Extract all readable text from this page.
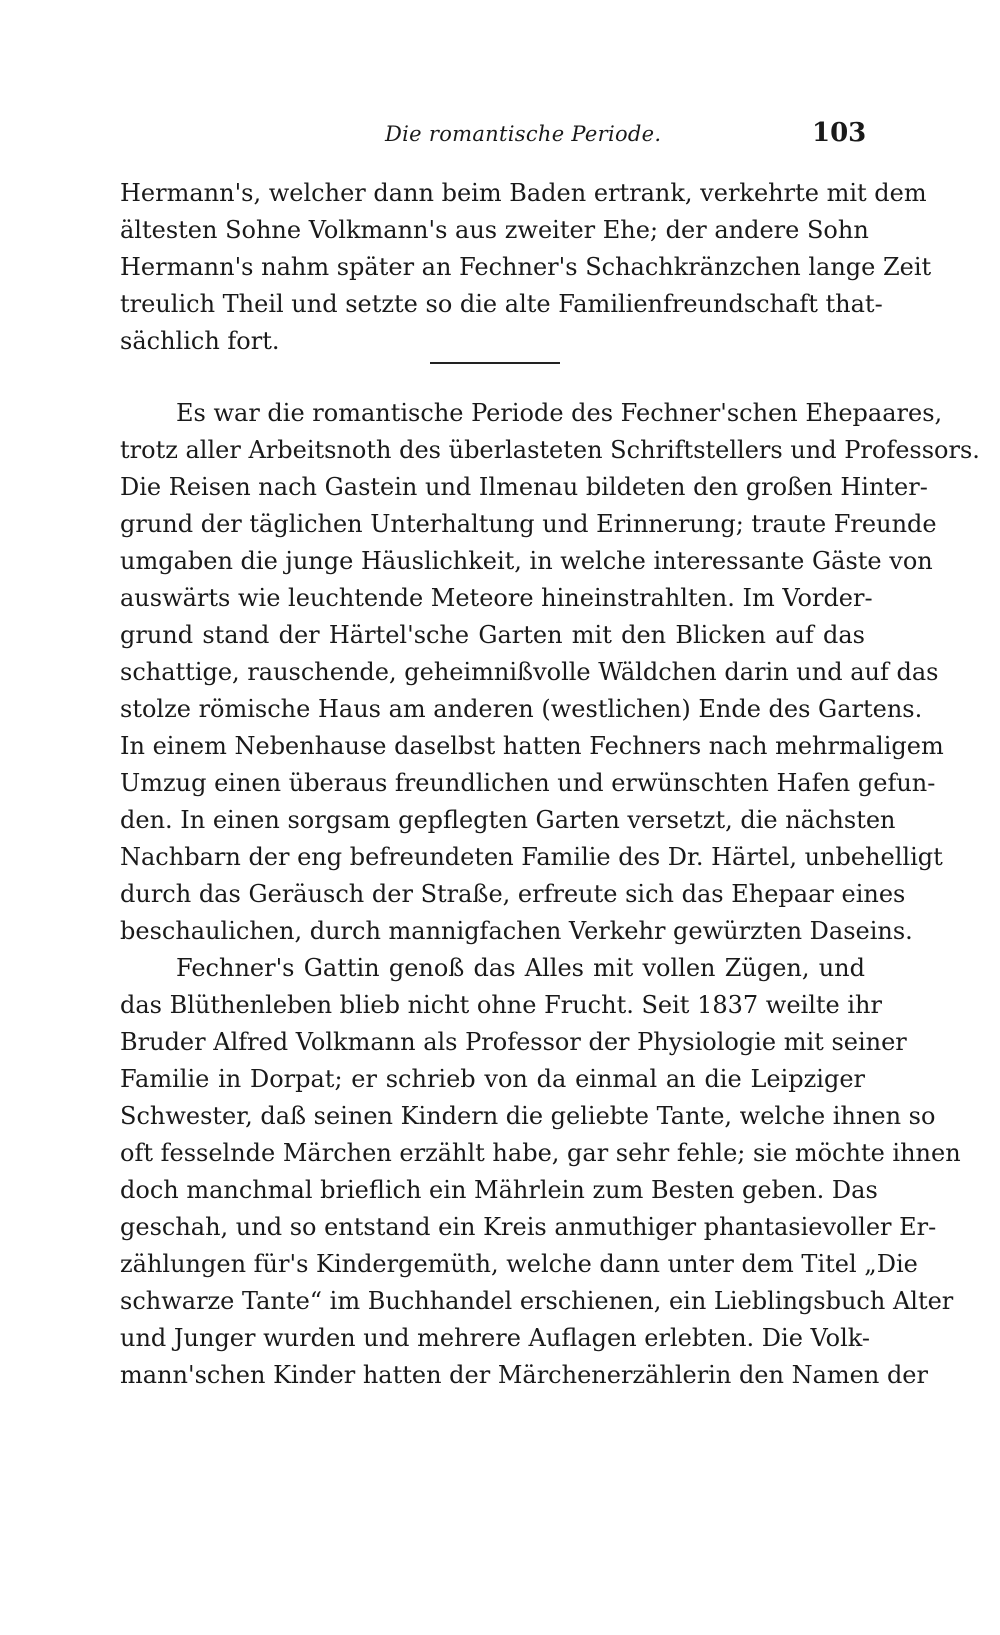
Die romantische Periode.	103
Hermann's, welcher dann beim Baden ertrank, verkehrte mit dem
ältesten Sohne Volkmann's aus zweiter Ehe; der andere Sohn
Hermann's nahm später an Fechner's Schachkränzchen lange Zeit
treulich Theil und setzte so die alte Familienfreundschaft that-
sächlich fort.
Es war die romantische Periode des Fechner'schen Ehepaares,
trotz aller Arbeitsnoth des überlasteten Schriftstellers und Professors.
Die Reisen nach Gastein und Ilmenau bildeten den großen Hinter-
grund der täglichen Unterhaltung und Erinnerung; traute Freunde
umgaben die junge Häuslichkeit, in welche interessante Gäste von
auswärts wie leuchtende Meteore hineinstrahlten. Im Vorder-
grund stand der Härtel'sche Garten mit den Blicken auf das
schattige, rauschende, geheimnißvolle Wäldchen darin und auf das
stolze römische Haus am anderen (westlichen) Ende des Gartens.
In einem Nebenhause daselbst hatten Fechners nach mehrmaligem
Umzug einen überaus freundlichen und erwünschten Hafen gefun-
den. In einen sorgsam gepflegten Garten versetzt, die nächsten
Nachbarn der eng befreundeten Familie des Dr. Härtel, unbehelligt
durch das Geräusch der Straße, erfreute sich das Ehepaar eines
beschaulichen, durch mannigfachen Verkehr gewürzten Daseins.
Fechner's Gattin genoß das Alles mit vollen Zügen, und
das Blüthenleben blieb nicht ohne Frucht. Seit 1837 weilte ihr
Bruder Alfred Volkmann als Professor der Physiologie mit seiner
Familie in Dorpat; er schrieb von da einmal an die Leipziger
Schwester, daß seinen Kindern die geliebte Tante, welche ihnen so
oft fesselnde Märchen erzählt habe, gar sehr fehle; sie möchte ihnen
doch manchmal brieflich ein Mährlein zum Besten geben. Das
geschah, und so entstand ein Kreis anmuthiger phantasievoller Er-
zählungen für's Kindergemüth, welche dann unter dem Titel „Die
schwarze Tante“ im Buchhandel erschienen, ein Lieblingsbuch Alter
und Junger wurden und mehrere Auflagen erlebten. Die Volk-
mann'schen Kinder hatten der Märchenerzählerin den Namen der
